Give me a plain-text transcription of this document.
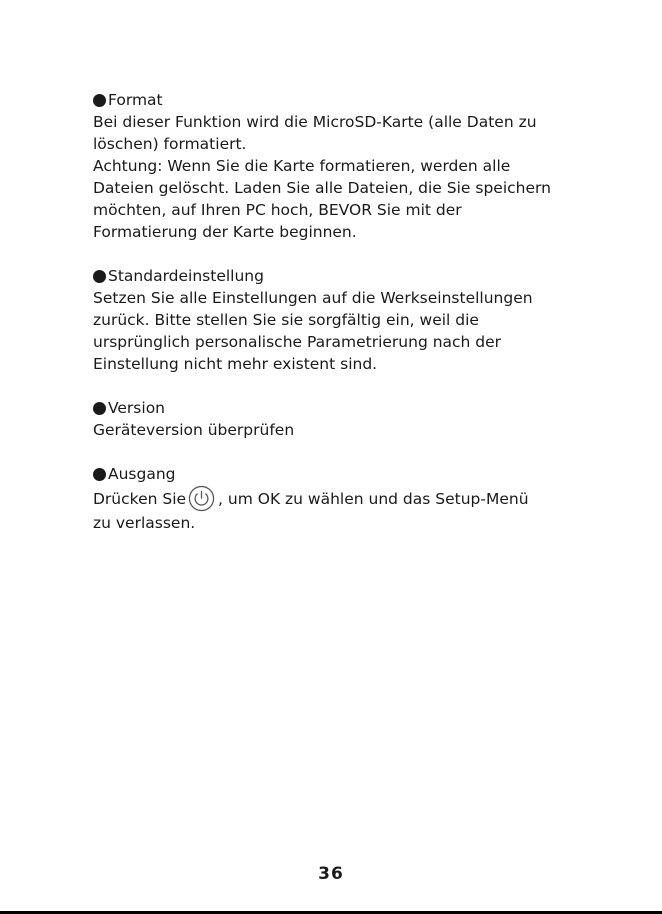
Format
Bei dieser Funktion wird die MicroSD-Karte (alle Daten zu
löschen) formatiert.
Achtung: Wenn Sie die Karte formatieren, werden alle
Dateien gelöscht. Laden Sie alle Dateien, die Sie speichern
möchten, auf Ihren PC hoch, BEVOR Sie mit der
Formatierung der Karte beginnen.
Standardeinstellung
Setzen Sie alle Einstellungen auf die Werkseinstellungen
zurück. Bitte stellen Sie sie sorgfältig ein, weil die
ursprünglich personalische Parametrierung nach der
Einstellung nicht mehr existent sind.
Version
Geräteversion überprüfen
Ausgang
Drücken Sie , um OK zu wählen und das Setup-Menü
zu verlassen.
36
